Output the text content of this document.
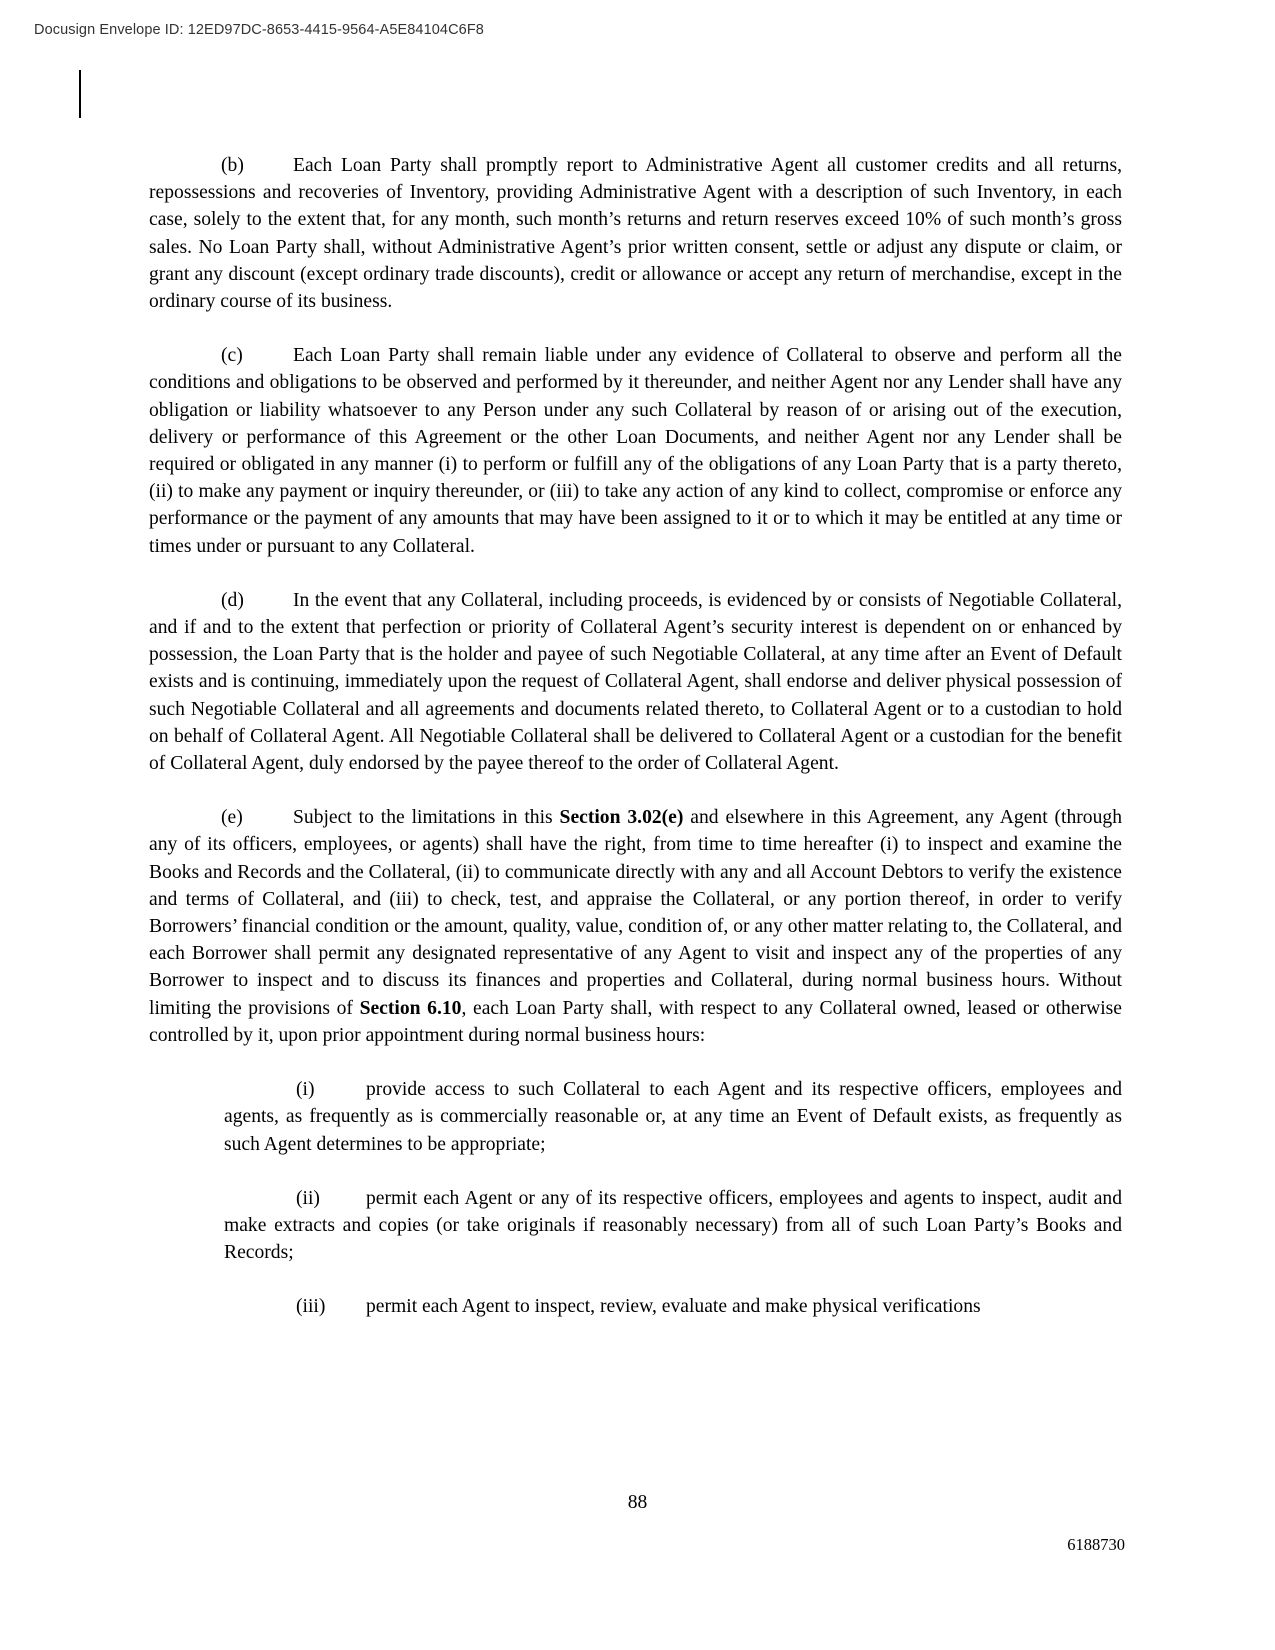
Docusign Envelope ID: 12ED97DC-8653-4415-9564-A5E84104C6F8

(b)	Each Loan Party shall promptly report to Administrative Agent all customer credits and all returns, repossessions and recoveries of Inventory, providing Administrative Agent with a description of such Inventory, in each case, solely to the extent that, for any month, such month’s returns and return reserves exceed 10% of such month’s gross sales. No Loan Party shall, without Administrative Agent’s prior written consent, settle or adjust any dispute or claim, or grant any discount (except ordinary trade discounts), credit or allowance or accept any return of merchandise, except in the ordinary course of its business.

(c)	Each Loan Party shall remain liable under any evidence of Collateral to observe and perform all the conditions and obligations to be observed and performed by it thereunder, and neither Agent nor any Lender shall have any obligation or liability whatsoever to any Person under any such Collateral by reason of or arising out of the execution, delivery or performance of this Agreement or the other Loan Documents, and neither Agent nor any Lender shall be required or obligated in any manner (i) to perform or fulfill any of the obligations of any Loan Party that is a party thereto, (ii) to make any payment or inquiry thereunder, or (iii) to take any action of any kind to collect, compromise or enforce any performance or the payment of any amounts that may have been assigned to it or to which it may be entitled at any time or times under or pursuant to any Collateral.

(d)	In the event that any Collateral, including proceeds, is evidenced by or consists of Negotiable Collateral, and if and to the extent that perfection or priority of Collateral Agent’s security interest is dependent on or enhanced by possession, the Loan Party that is the holder and payee of such Negotiable Collateral, at any time after an Event of Default exists and is continuing, immediately upon the request of Collateral Agent, shall endorse and deliver physical possession of such Negotiable Collateral and all agreements and documents related thereto, to Collateral Agent or to a custodian to hold on behalf of Collateral Agent. All Negotiable Collateral shall be delivered to Collateral Agent or a custodian for the benefit of Collateral Agent, duly endorsed by the payee thereof to the order of Collateral Agent.

(e)	Subject to the limitations in this Section 3.02(e) and elsewhere in this Agreement, any Agent (through any of its officers, employees, or agents) shall have the right, from time to time hereafter (i) to inspect and examine the Books and Records and the Collateral, (ii) to communicate directly with any and all Account Debtors to verify the existence and terms of Collateral, and (iii) to check, test, and appraise the Collateral, or any portion thereof, in order to verify Borrowers’ financial condition or the amount, quality, value, condition of, or any other matter relating to, the Collateral, and each Borrower shall permit any designated representative of any Agent to visit and inspect any of the properties of any Borrower to inspect and to discuss its finances and properties and Collateral, during normal business hours. Without limiting the provisions of Section 6.10, each Loan Party shall, with respect to any Collateral owned, leased or otherwise controlled by it, upon prior appointment during normal business hours:

(i)	provide access to such Collateral to each Agent and its respective officers, employees and agents, as frequently as is commercially reasonable or, at any time an Event of Default exists, as frequently as such Agent determines to be appropriate;

(ii) permit each Agent or any of its respective officers, employees and agents to inspect, audit and make extracts and copies (or take originals if reasonably necessary) from all of such Loan Party’s Books and Records;

(iii) permit each Agent to inspect, review, evaluate and make physical verifications

88
6188730
